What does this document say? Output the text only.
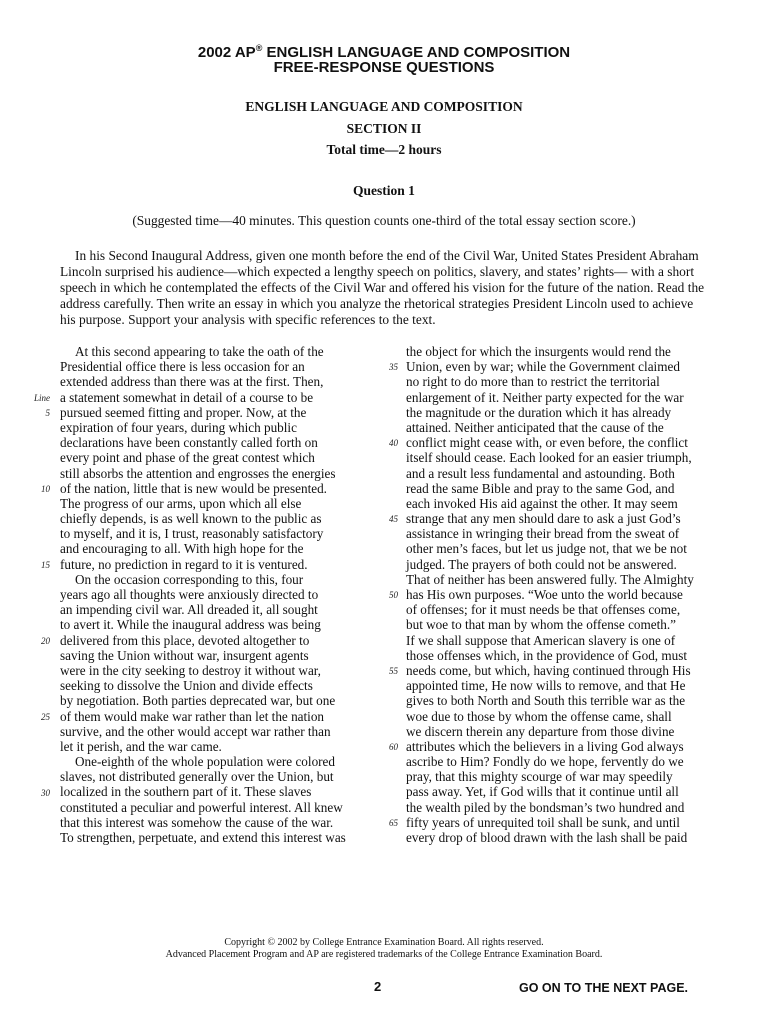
2002 AP® ENGLISH LANGUAGE AND COMPOSITION
FREE-RESPONSE QUESTIONS
ENGLISH LANGUAGE AND COMPOSITION
SECTION II
Total time—2 hours
Question 1
(Suggested time—40 minutes. This question counts one-third of the total essay section score.)
In his Second Inaugural Address, given one month before the end of the Civil War, United States President Abraham Lincoln surprised his audience—which expected a lengthy speech on politics, slavery, and states’ rights— with a short speech in which he contemplated the effects of the Civil War and offered his vision for the future of the nation. Read the address carefully. Then write an essay in which you analyze the rhetorical strategies President Lincoln used to achieve his purpose. Support your analysis with specific references to the text.
At this second appearing to take the oath of the
Presidential office there is less occasion for an
extended address than there was at the first. Then,
a statement somewhat in detail of a course to be
pursued seemed fitting and proper. Now, at the
expiration of four years, during which public
declarations have been constantly called forth on
every point and phase of the great contest which
still absorbs the attention and engrosses the energies
of the nation, little that is new would be presented.
The progress of our arms, upon which all else
chiefly depends, is as well known to the public as
to myself, and it is, I trust, reasonably satisfactory
and encouraging to all. With high hope for the
future, no prediction in regard to it is ventured.
On the occasion corresponding to this, four
years ago all thoughts were anxiously directed to
an impending civil war. All dreaded it, all sought
to avert it. While the inaugural address was being
delivered from this place, devoted altogether to
saving the Union without war, insurgent agents
were in the city seeking to destroy it without war,
seeking to dissolve the Union and divide effects
by negotiation. Both parties deprecated war, but one
of them would make war rather than let the nation
survive, and the other would accept war rather than
let it perish, and the war came.
One-eighth of the whole population were colored
slaves, not distributed generally over the Union, but
localized in the southern part of it. These slaves
constituted a peculiar and powerful interest. All knew
that this interest was somehow the cause of the war.
To strengthen, perpetuate, and extend this interest was
the object for which the insurgents would rend the
Union, even by war; while the Government claimed
no right to do more than to restrict the territorial
enlargement of it. Neither party expected for the war
the magnitude or the duration which it has already
attained. Neither anticipated that the cause of the
conflict might cease with, or even before, the conflict
itself should cease. Each looked for an easier triumph,
and a result less fundamental and astounding. Both
read the same Bible and pray to the same God, and
each invoked His aid against the other. It may seem
strange that any men should dare to ask a just God’s
assistance in wringing their bread from the sweat of
other men’s faces, but let us judge not, that we be not
judged. The prayers of both could not be answered.
That of neither has been answered fully. The Almighty
has His own purposes. “Woe unto the world because
of offenses; for it must needs be that offenses come,
but woe to that man by whom the offense cometh.”
If we shall suppose that American slavery is one of
those offenses which, in the providence of God, must
needs come, but which, having continued through His
appointed time, He now wills to remove, and that He
gives to both North and South this terrible war as the
woe due to those by whom the offense came, shall
we discern therein any departure from those divine
attributes which the believers in a living God always
ascribe to Him? Fondly do we hope, fervently do we
pray, that this mighty scourge of war may speedily
pass away. Yet, if God wills that it continue until all
the wealth piled by the bondsman’s two hundred and
fifty years of unrequited toil shall be sunk, and until
every drop of blood drawn with the lash shall be paid
Line
5
10
15
20
25
30
35
40
45
50
55
60
65
Copyright © 2002 by College Entrance Examination Board. All rights reserved.
Advanced Placement Program and AP are registered trademarks of the College Entrance Examination Board.
2	GO ON TO THE NEXT PAGE.
